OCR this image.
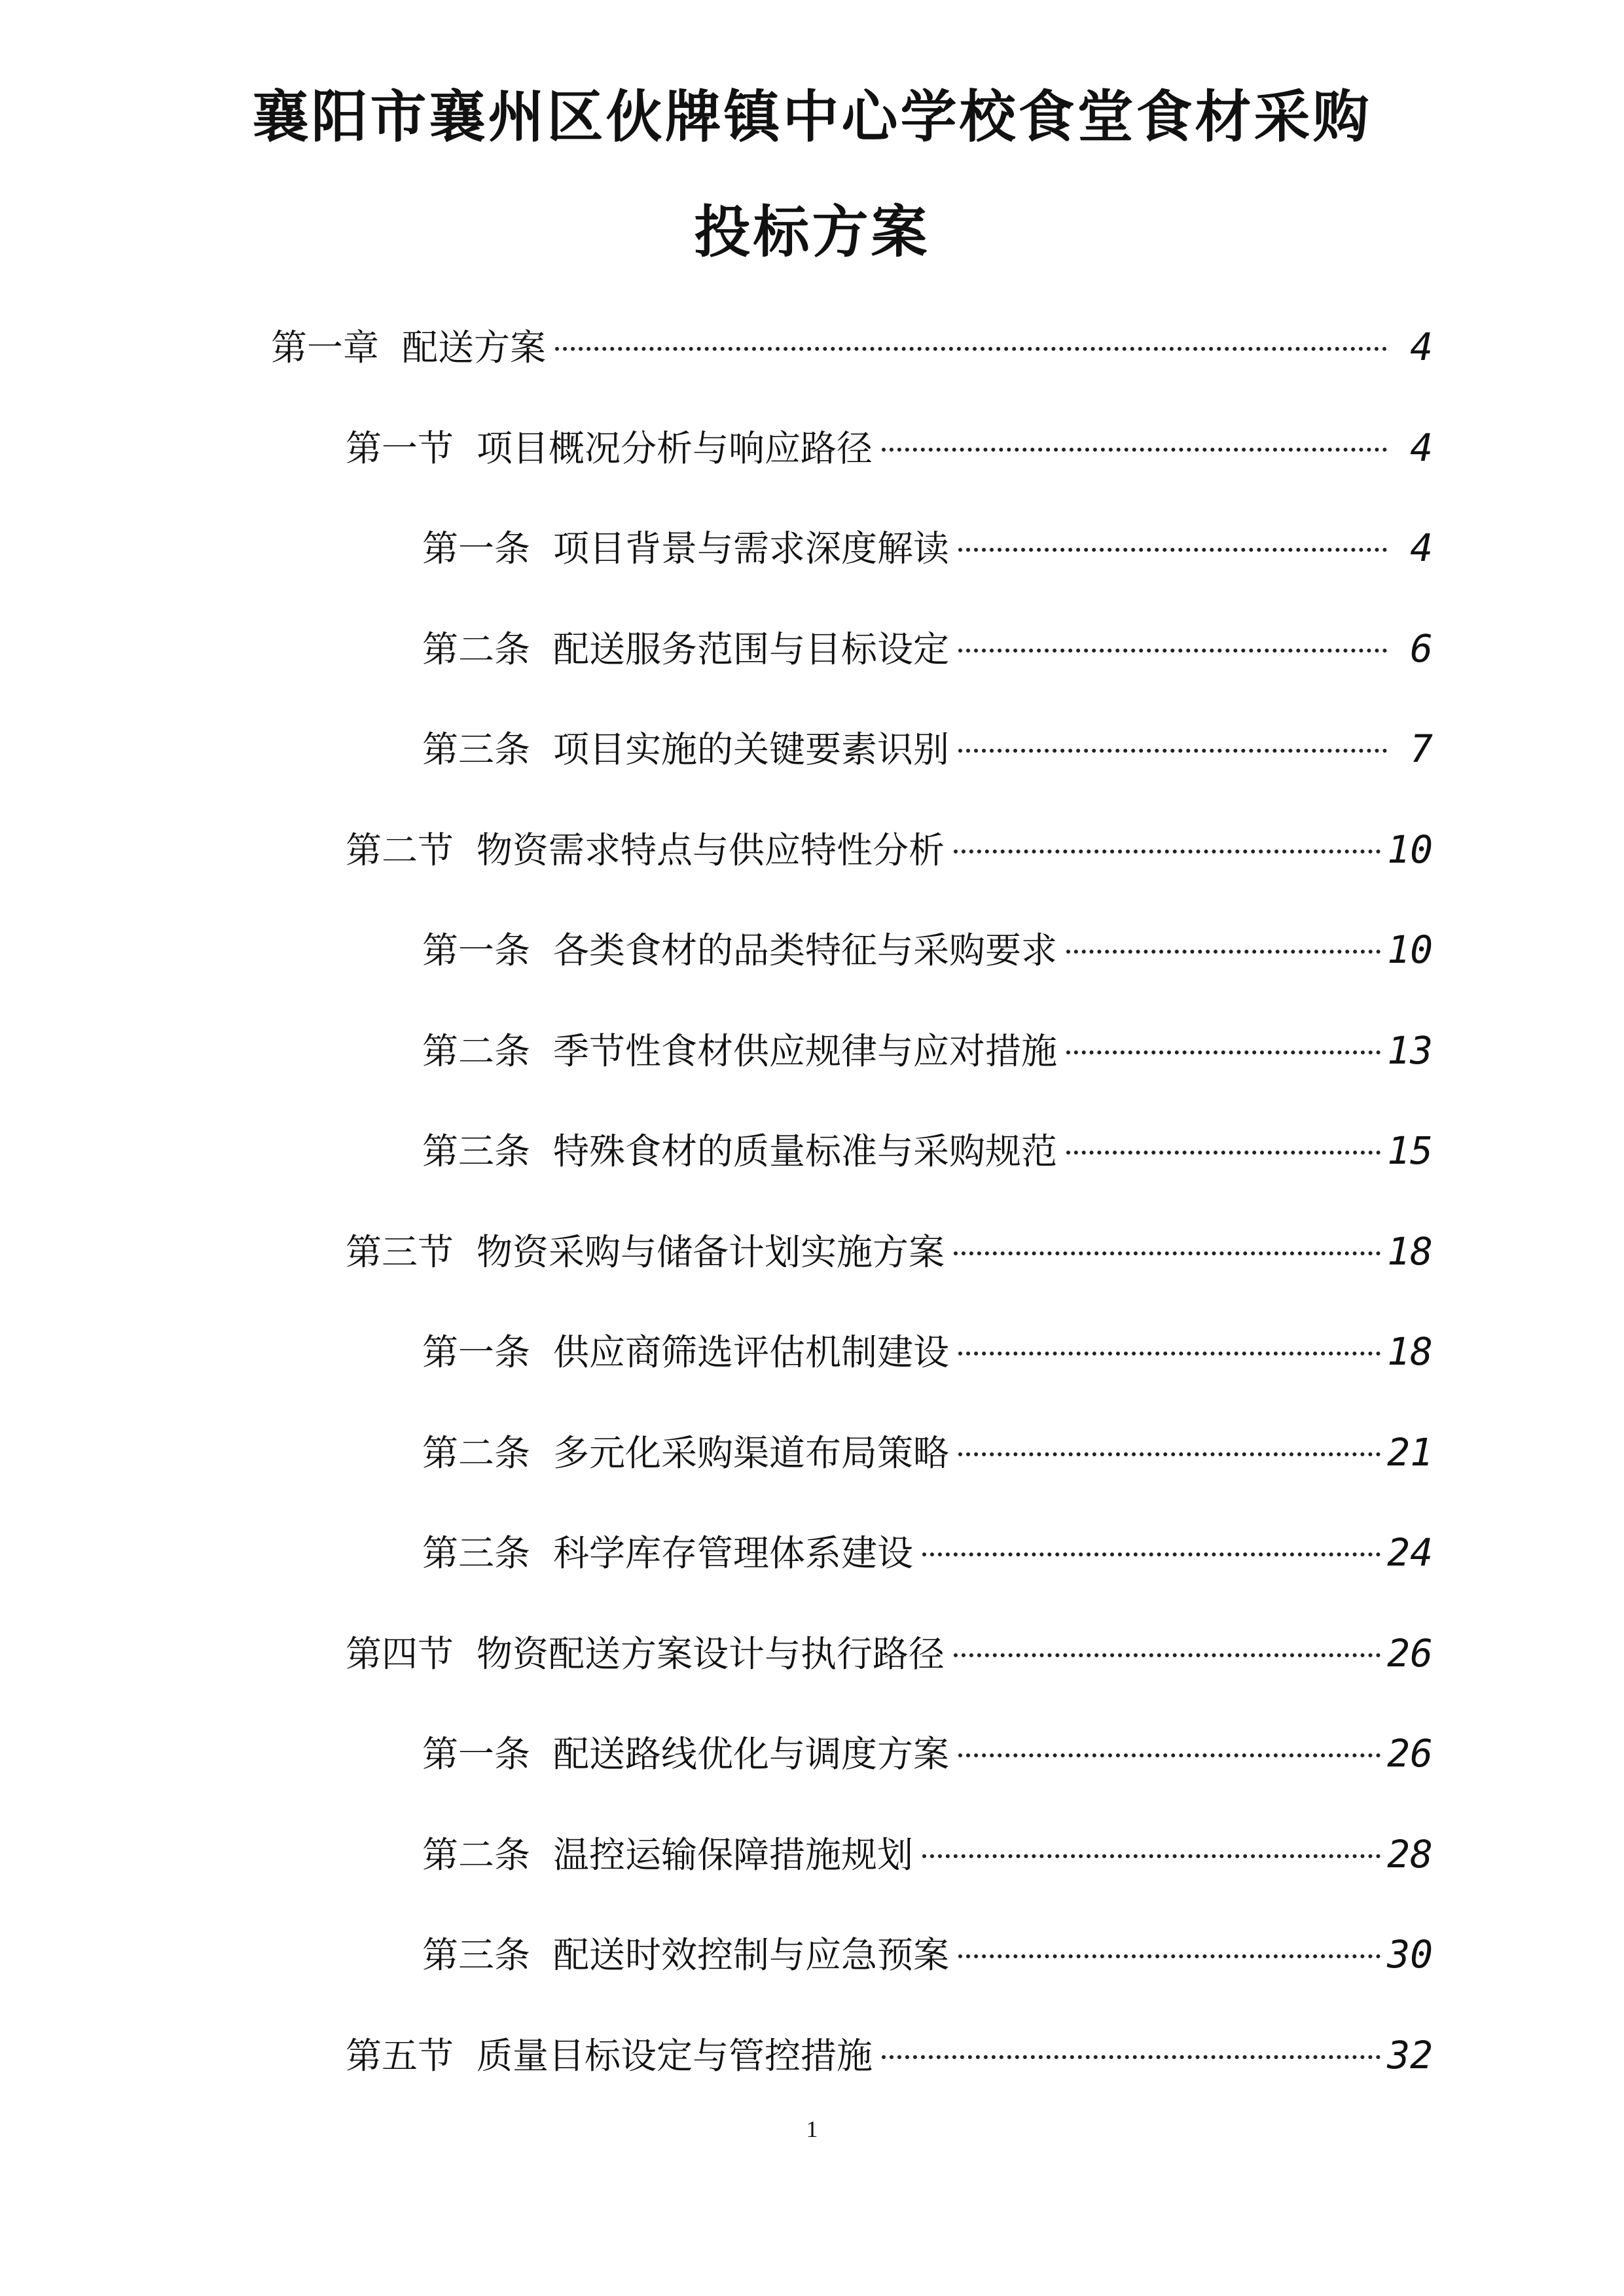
襄阳市襄州区伙牌镇中心学校食堂食材采购
投标方案
第一章  配送方案	4
第一节  项目概况分析与响应路径	4
第一条  项目背景与需求深度解读	4
第二条  配送服务范围与目标设定	6
第三条  项目实施的关键要素识别	7
第二节  物资需求特点与供应特性分析	10
第一条  各类食材的品类特征与采购要求	10
第二条  季节性食材供应规律与应对措施	13
第三条  特殊食材的质量标准与采购规范	15
第三节  物资采购与储备计划实施方案	18
第一条  供应商筛选评估机制建设	18
第二条  多元化采购渠道布局策略	21
第三条  科学库存管理体系建设	24
第四节  物资配送方案设计与执行路径	26
第一条  配送路线优化与调度方案	26
第二条  温控运输保障措施规划	28
第三条  配送时效控制与应急预案	30
第五节  质量目标设定与管控措施	32
1
